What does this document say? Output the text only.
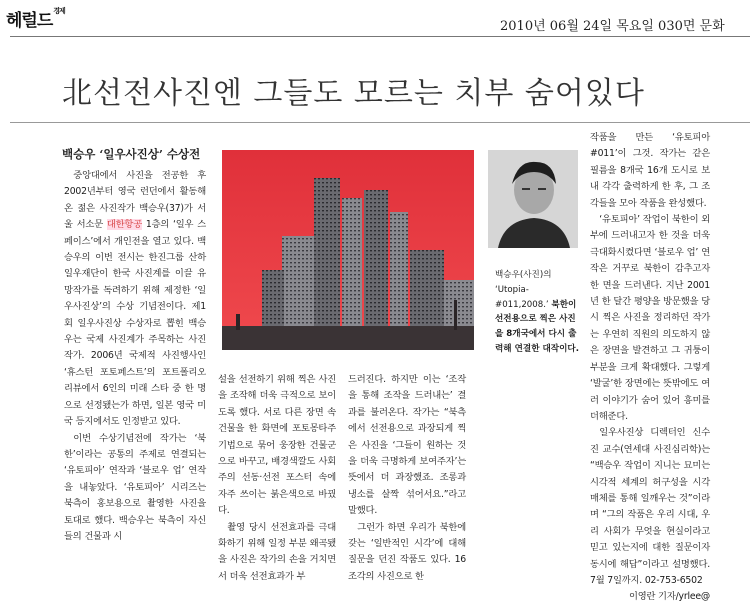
헤럴드$^{경제}$
2010년 06월 24일 목요일 030면 문화
北선전사진엔 그들도 모르는 치부 숨어있다
백승우 ‘일우사진상’ 수상전

중앙대에서 사진을 전공한 후 2002년부터 영국 런던에서 활동해온 젊은 사진작가 백승우(37)가 서울 서소문 대한항공 1층의 ‘일우 스페이스’에서 개인전을 열고 있다. 백승우의 이번 전시는 한진그룹 산하 일우재단이 한국 사진계를 이끌 유망작가를 독려하기 위해 제정한 ‘일우사진상’의 수상 기념전이다. 제1회 일우사진상 수상자로 뽑힌 백승우는 국제 사진계가 주목하는 사진작가. 2006년 국제적 사진행사인 ‘휴스턴 포토페스트’의 포트폴리오 리뷰에서 6인의 미래 스타 중 한 명으로 선정됐는가 하면, 일본 영국 미국 등지에서도 인정받고 있다.

이번 수상기념전에 작가는 ‘북한’이라는 공통의 주제로 연결되는 ‘유토피아’ 연작과 ‘블로우 업’ 연작을 내놓았다. ‘유토피아’ 시리즈는 북측이 홍보용으로 촬영한 사진을 토대로 했다. 백승우는 북측이 자신들의 건물과 시

백승우(사진)의 ‘Utopia-#011,2008.’ 북한이 선전용으로 찍은 사진을 8개국에서 다시 출력해 연결한 대작이다.

설을 선전하기 위해 찍은 사진을 조작해 더욱 극적으로 보이도록 했다. 서로 다른 장면 속 건물을 한 화면에 포토몽타주 기법으로 묶어 웅장한 건물군으로 바꾸고, 배경색깔도 사회주의 선동·선전 포스터 속에 자주 쓰이는 붉은색으로 바꿨다.

촬영 당시 선전효과를 극대화하기 위해 일정 부분 왜곡됐을 사진은 작가의 손을 거치면서 더욱 선전효과가 부

드러진다. 하지만 이는 ‘조작을 통해 조작을 드러내는’ 결과를 불러온다. 작가는 “북측에서 선전용으로 과장되게 찍은 사진을 ‘그들이 원하는 것을 더욱 극명하게 보여주자’는 뜻에서 더 과장했죠. 조롱과 냉소를 살짝 섞어서요.”라고 말했다.

그런가 하면 우리가 북한에 갖는 ‘일반적인 시각’에 대해 질문을 던진 작품도 있다. 16조각의 사진으로 한

작품을 만든 ‘유토피아 #011’이 그것. 작가는 같은 필름을 8개국 16개 도시로 보내 각각 출력하게 한 후, 그 조각들을 모아 작품을 완성했다.

‘유토피아’ 작업이 북한이 외부에 드러내고자 한 것을 더욱 극대화시켰다면 ‘블로우 업’ 연작은 거꾸로 북한이 감추고자 한 면을 드러낸다. 지난 2001년 한 달간 평양을 방문했을 당시 찍은 사진을 정리하던 작가는 우연히 직원의 의도하지 않은 장면을 발견하고 그 귀퉁이 부분을 크게 확대했다. 그렇게 ‘발굴’한 장면에는 뜻밖에도 여러 이야기가 숨어 있어 흥미를 더해준다.

일우사진상 디렉터인 신수진 교수(연세대 사진심리학)는 “백승우 작업이 지니는 묘미는 시각적 세계의 허구성을 시각매체를 통해 일깨우는 것”이라며 “그의 작품은 우리 시대, 우리 사회가 무엇을 현실이라고 믿고 있는지에 대한 질문이자 동시에 해답”이라고 설명했다. 7월 7일까지. 02-753-6502

이영란 기자/yrlee@
